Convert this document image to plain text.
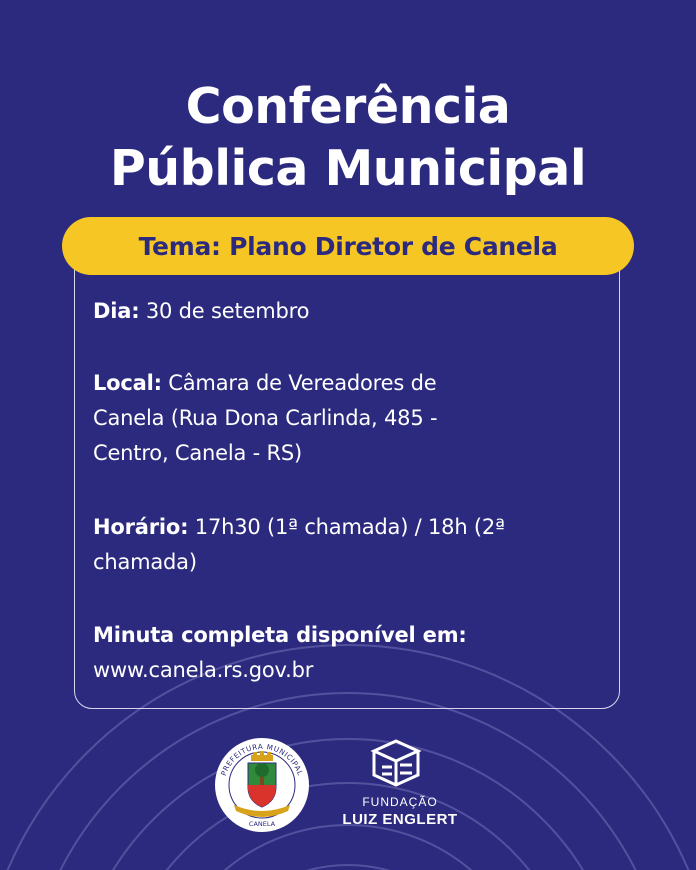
Conferência
Pública Municipal
Tema: Plano Diretor de Canela
Dia: 30 de setembro
Local: Câmara de Vereadores de
Canela (Rua Dona Carlinda, 485 -
Centro, Canela - RS)
Horário: 17h30 (1ª chamada) / 18h (2ª
chamada)
Minuta completa disponível em:
www.canela.rs.gov.br
PREFEITURA MUNICIPAL
CANELA
FUNDAÇÃO
LUIZ ENGLERT
